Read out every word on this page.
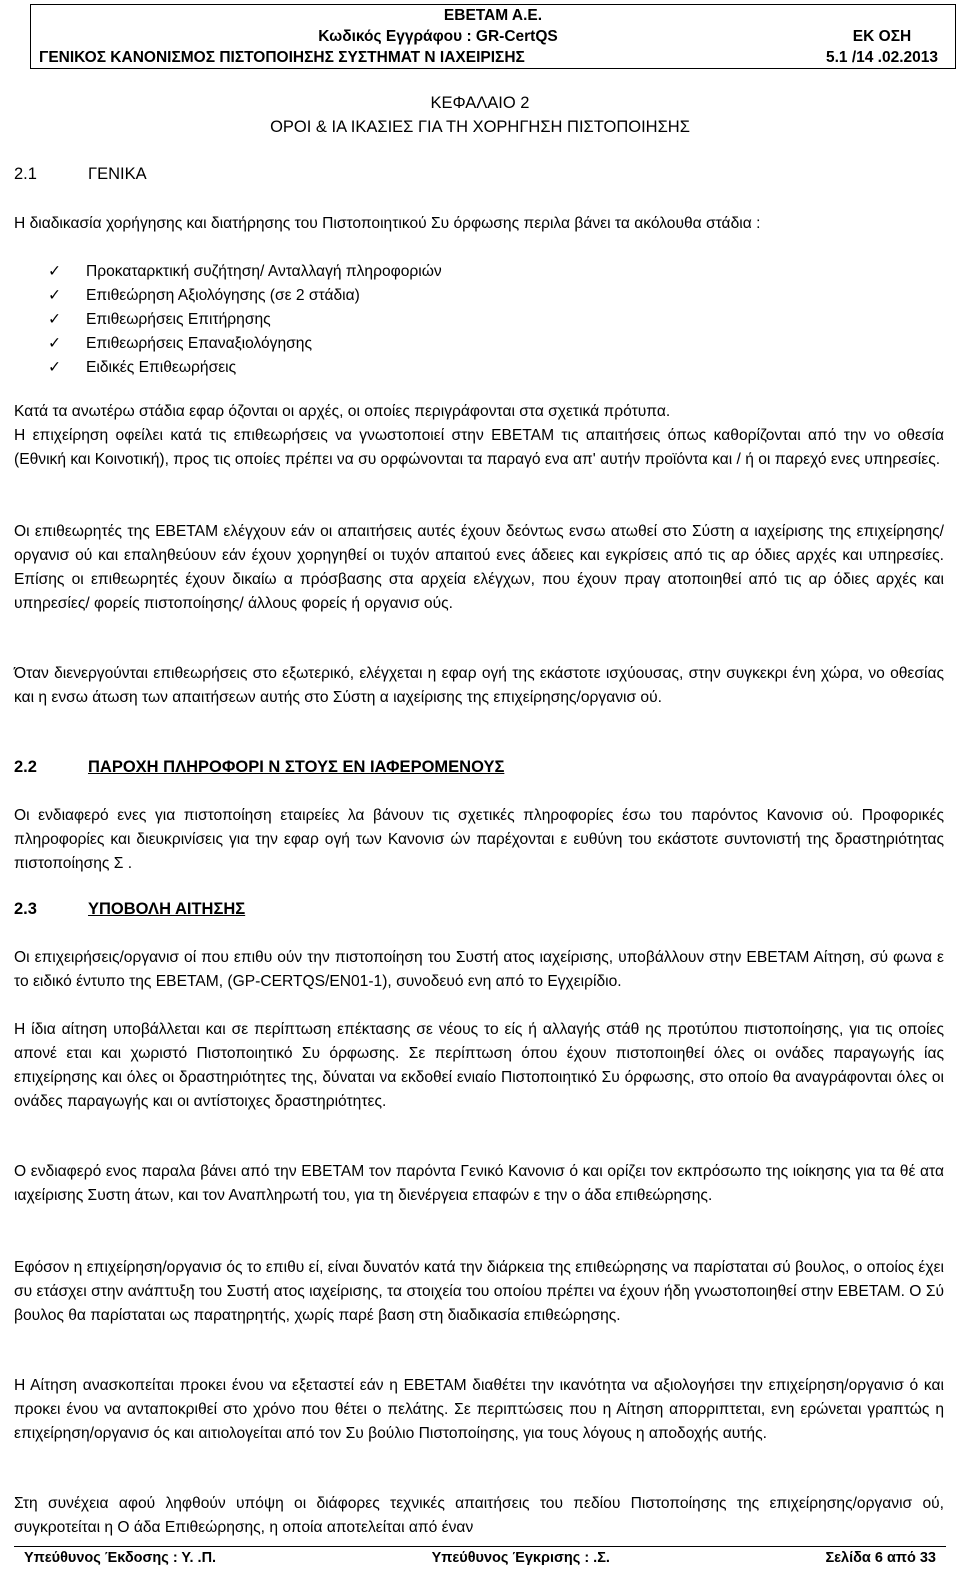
ΕΒΕΤΑΜ Α.Ε.
Κωδικός Εγγράφου : GR-CertQS	ΕΚ ΟΣΗ
ΓΕΝΙΚΟΣ ΚΑΝΟΝΙΣΜΟΣ ΠΙΣΤΟΠΟΙΗΣΗΣ ΣΥΣΤΗΜΑΤ Ν ΙΑΧΕΙΡΙΣΗΣ	5.1 /14 .02.2013
ΚΕΦΑΛΑΙΟ 2
ΟΡΟΙ & ΙΑ ΙΚΑΣΙΕΣ ΓΙΑ ΤΗ ΧΟΡΗΓΗΣΗ ΠΙΣΤΟΠΟΙΗΣΗΣ
2.1	ΓΕΝΙΚΑ
Η διαδικασία χορήγησης και διατήρησης του Πιστοποιητικού Συ όρφωσης περιλα βάνει τα ακόλουθα στάδια :
✓ Προκαταρκτική συζήτηση/ Ανταλλαγή πληροφοριών
✓ Επιθεώρηση Αξιολόγησης (σε 2 στάδια)
✓ Επιθεωρήσεις Επιτήρησης
✓ Επιθεωρήσεις Επαναξιολόγησης
✓ Ειδικές Επιθεωρήσεις
Κατά τα ανωτέρω στάδια εφαρ όζονται οι αρχές, οι οποίες περιγράφονται στα σχετικά πρότυπα.
Η επιχείρηση οφείλει κατά τις επιθεωρήσεις να γνωστοποιεί στην ΕΒΕΤΑΜ τις απαιτήσεις όπως καθορίζονται από την νο οθεσία (Εθνική και Κοινοτική), προς τις οποίες πρέπει να συ ορφώνονται τα παραγό ενα απ' αυτήν προϊόντα και / ή οι παρεχό ενες υπηρεσίες.
Οι επιθεωρητές της ΕΒΕΤΑΜ ελέγχουν εάν οι απαιτήσεις αυτές έχουν δεόντως ενσω ατωθεί στο Σύστη α ιαχείρισης της επιχείρησης/οργανισ ού και επαληθεύουν εάν έχουν χορηγηθεί οι τυχόν απαιτού ενες άδειες και εγκρίσεις από τις αρ όδιες αρχές και υπηρεσίες. Επίσης οι επιθεωρητές έχουν δικαίω α πρόσβασης στα αρχεία ελέγχων, που έχουν πραγ ατοποιηθεί από τις αρ όδιες αρχές και υπηρεσίες/ φορείς πιστοποίησης/ άλλους φορείς ή οργανισ ούς.
Όταν διενεργούνται επιθεωρήσεις στο εξωτερικό, ελέγχεται η εφαρ ογή της εκάστοτε ισχύουσας, στην συγκεκρι ένη χώρα, νο οθεσίας και η ενσω άτωση των απαιτήσεων αυτής στο Σύστη α ιαχείρισης της επιχείρησης/οργανισ ού.
2.2	ΠΑΡΟΧΗ ΠΛΗΡΟΦΟΡΙ Ν ΣΤΟΥΣ ΕΝ ΙΑΦΕΡΟΜΕΝΟΥΣ
Οι ενδιαφερό ενες για πιστοποίηση εταιρείες λα βάνουν τις σχετικές πληροφορίες έσω του παρόντος Κανονισ ού. Προφορικές πληροφορίες και διευκρινίσεις για την εφαρ ογή των Κανονισ ών παρέχονται ε ευθύνη του εκάστοτε συντονιστή της δραστηριότητας πιστοποίησης Σ .
2.3	ΥΠΟΒΟΛΗ ΑΙΤΗΣΗΣ
Οι επιχειρήσεις/οργανισ οί που επιθυ ούν την πιστοποίηση του Συστή ατος ιαχείρισης, υποβάλλουν στην ΕΒΕΤΑΜ Αίτηση, σύ φωνα ε το ειδικό έντυπο της ΕΒΕΤΑΜ, (GP-CERTQS/EN01-1), συνοδευό ενη από το Εγχειρίδιο.
Η ίδια αίτηση υποβάλλεται και σε περίπτωση επέκτασης σε νέους το είς ή αλλαγής στάθ ης προτύπου πιστοποίησης, για τις οποίες απονέ εται και χωριστό Πιστοποιητικό Συ όρφωσης. Σε περίπτωση όπου έχουν πιστοποιηθεί όλες οι ονάδες παραγωγής ίας επιχείρησης και όλες οι δραστηριότητες της, δύναται να εκδοθεί ενιαίο Πιστοποιητικό Συ όρφωσης, στο οποίο θα αναγράφονται όλες οι ονάδες παραγωγής και οι αντίστοιχες δραστηριότητες.
Ο ενδιαφερό ενος παραλα βάνει από την ΕΒΕΤΑΜ τον παρόντα Γενικό Κανονισ ό και ορίζει τον εκπρόσωπο της ιοίκησης για τα θέ ατα ιαχείρισης Συστη άτων, και τον Αναπληρωτή του, για τη διενέργεια επαφών ε την ο άδα επιθεώρησης.
Εφόσον η επιχείρηση/οργανισ ός το επιθυ εί, είναι δυνατόν κατά την διάρκεια της επιθεώρησης να παρίσταται σύ βουλος, ο οποίος έχει συ ετάσχει στην ανάπτυξη του Συστή ατος ιαχείρισης, τα στοιχεία του οποίου πρέπει να έχουν ήδη γνωστοποιηθεί στην ΕΒΕΤΑΜ. Ο Σύ βουλος θα παρίσταται ως παρατηρητής, χωρίς παρέ βαση στη διαδικασία επιθεώρησης.
Η Αίτηση ανασκοπείται προκει ένου να εξεταστεί εάν η ΕΒΕΤΑΜ διαθέτει την ικανότητα να αξιολογήσει την επιχείρηση/οργανισ ό και προκει ένου να ανταποκριθεί στο χρόνο που θέτει ο πελάτης. Σε περιπτώσεις που η Αίτηση απορριπτεται, ενη ερώνεται γραπτώς η επιχείρηση/οργανισ ός και αιτιολογείται από τον Συ βούλιο Πιστοποίησης, για τους λόγους η αποδοχής αυτής.
Στη συνέχεια αφού ληφθούν υπόψη οι διάφορες τεχνικές απαιτήσεις του πεδίου Πιστοποίησης της επιχείρησης/οργανισ ού, συγκροτείται η Ο άδα Επιθεώρησης, η οποία αποτελείται από έναν
Υπεύθυνος Έκδοσης : Υ. .Π.	Υπεύθυνος Έγκρισης : .Σ.	Σελίδα 6 από 33
